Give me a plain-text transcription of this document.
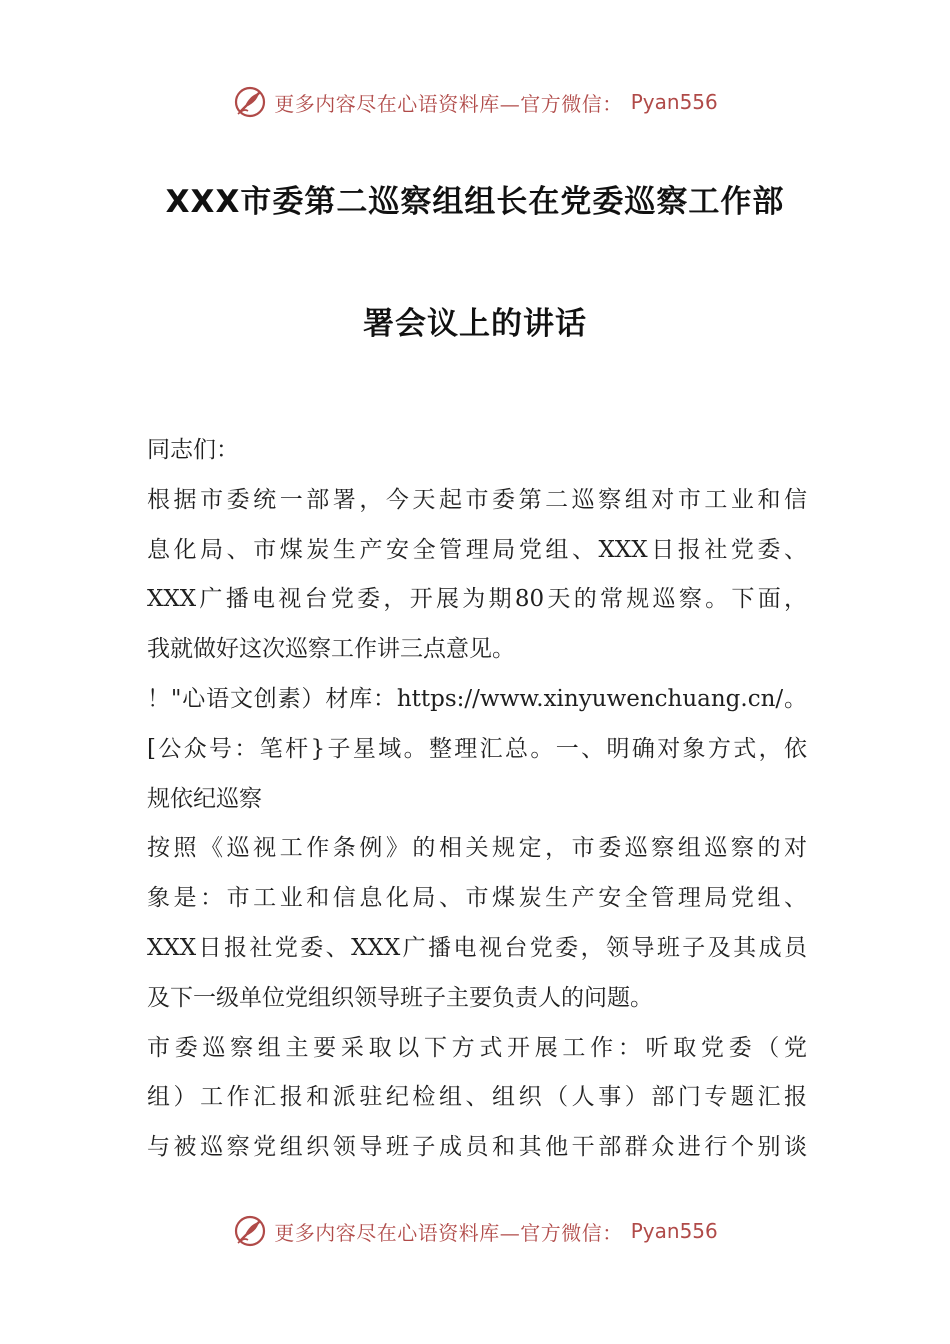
更多内容尽在心语资料库—官方微信： Pyan556
XXX市委第二巡察组组长在党委巡察工作部
署会议上的讲话
同志们：
根据市委统一部署，今天起市委第二巡察组对市工业和信
息化局、市煤炭生产安全管理局党组、XXX日报社党委、
XXX广播电视台党委，开展为期80天的常规巡察。下面，
我就做好这次巡察工作讲三点意见。
！"心语文创素）材库：https://www.xinyuwenchuang.cn/。
[公众号：笔杆}子星域。整理汇总。一、明确对象方式，依
规依纪巡察
按照《巡视工作条例》的相关规定，市委巡察组巡察的对
象是：市工业和信息化局、市煤炭生产安全管理局党组、
XXX日报社党委、XXX广播电视台党委，领导班子及其成员
及下一级单位党组织领导班子主要负责人的问题。
市委巡察组主要采取以下方式开展工作：听取党委（党
组）工作汇报和派驻纪检组、组织（人事）部门专题汇报
与被巡察党组织领导班子成员和其他干部群众进行个别谈
更多内容尽在心语资料库—官方微信： Pyan556
